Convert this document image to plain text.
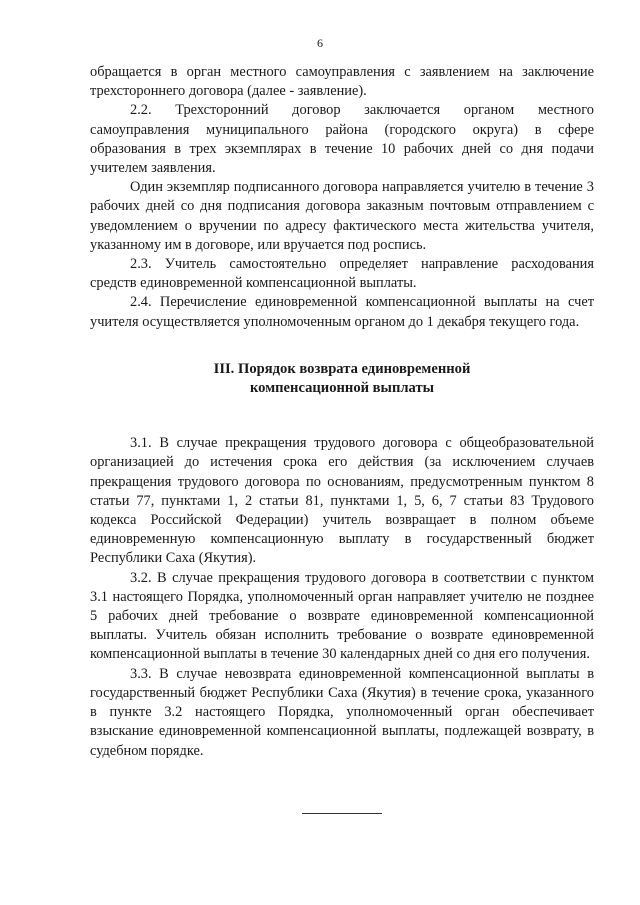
6

обращается в орган местного самоуправления с заявлением на заключение трехстороннего договора (далее - заявление).

2.2. Трехсторонний договор заключается органом местного самоуправления муниципального района (городского округа) в сфере образования в трех экземплярах в течение 10 рабочих дней со дня подачи учителем заявления.

Один экземпляр подписанного договора направляется учителю в течение 3 рабочих дней со дня подписания договора заказным почтовым отправлением с уведомлением о вручении по адресу фактического места жительства учителя, указанному им в договоре, или вручается под роспись.

2.3. Учитель самостоятельно определяет направление расходования средств единовременной компенсационной выплаты.

2.4. Перечисление единовременной компенсационной выплаты на счет учителя осуществляется уполномоченным органом до 1 декабря текущего года.

III. Порядок возврата единовременной
компенсационной выплаты

3.1. В случае прекращения трудового договора с общеобразовательной организацией до истечения срока его действия (за исключением случаев прекращения трудового договора по основаниям, предусмотренным пунктом 8 статьи 77, пунктами 1, 2 статьи 81, пунктами 1, 5, 6, 7 статьи 83 Трудового кодекса Российской Федерации) учитель возвращает в полном объеме единовременную компенсационную выплату в государственный бюджет Республики Саха (Якутия).

3.2. В случае прекращения трудового договора в соответствии с пунктом 3.1 настоящего Порядка, уполномоченный орган направляет учителю не позднее 5 рабочих дней требование о возврате единовременной компенсационной выплаты. Учитель обязан исполнить требование о возврате единовременной компенсационной выплаты в течение 30 календарных дней со дня его получения.

3.3. В случае невозврата единовременной компенсационной выплаты в государственный бюджет Республики Саха (Якутия) в течение срока, указанного в пункте 3.2 настоящего Порядка, уполномоченный орган обеспечивает взыскание единовременной компенсационной выплаты, подлежащей возврату, в судебном порядке.
